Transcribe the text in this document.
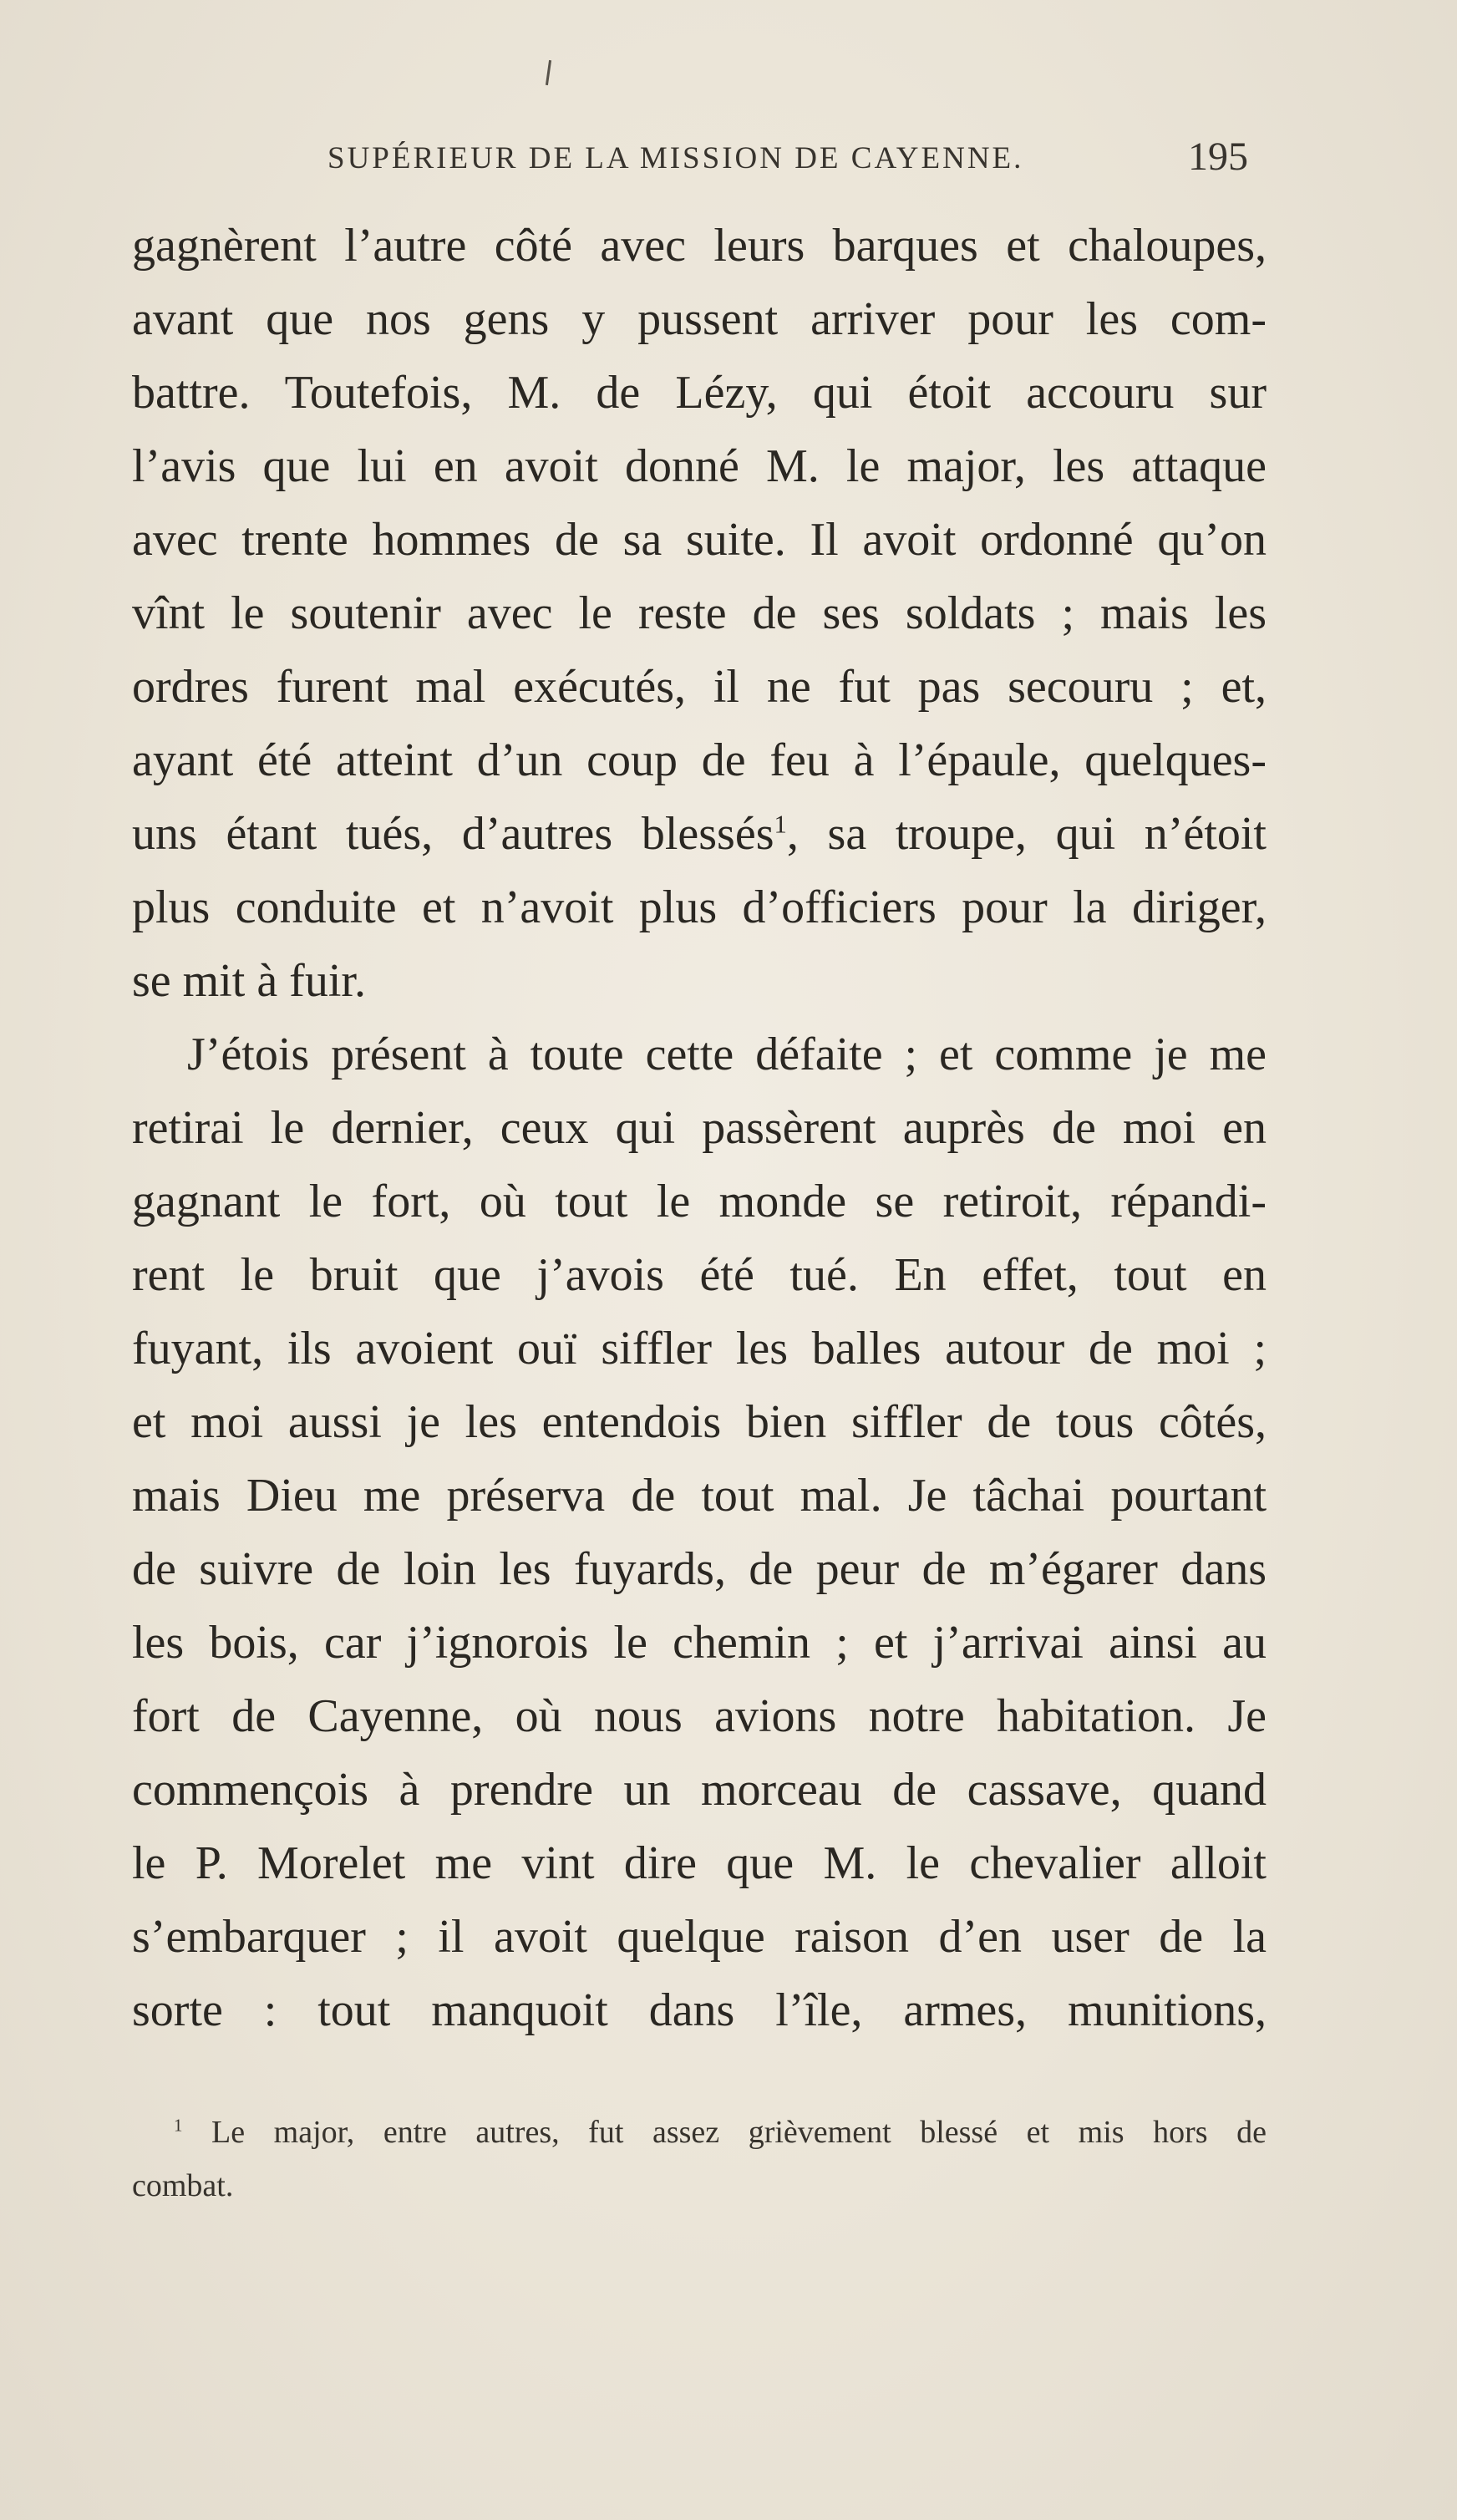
SUPÉRIEUR DE LA MISSION DE CAYENNE.	195
gagnèrent l’autre côté avec leurs barques et chaloupes,
avant que nos gens y pussent arriver pour les com-
battre. Toutefois, M. de Lézy, qui étoit accouru sur
l’avis que lui en avoit donné M. le major, les attaque
avec trente hommes de sa suite. Il avoit ordonné qu’on
vînt le soutenir avec le reste de ses soldats ; mais les
ordres furent mal exécutés, il ne fut pas secouru ; et,
ayant été atteint d’un coup de feu à l’épaule, quelques-
uns étant tués, d’autres blessés$^1$, sa troupe, qui n’étoit
plus conduite et n’avoit plus d’officiers pour la diriger,
se mit à fuir.
J’étois présent à toute cette défaite ; et comme je me
retirai le dernier, ceux qui passèrent auprès de moi en
gagnant le fort, où tout le monde se retiroit, répandi-
rent le bruit que j’avois été tué. En effet, tout en
fuyant, ils avoient ouï siffler les balles autour de moi ;
et moi aussi je les entendois bien siffler de tous côtés,
mais Dieu me préserva de tout mal. Je tâchai pourtant
de suivre de loin les fuyards, de peur de m’égarer dans
les bois, car j’ignorois le chemin ; et j’arrivai ainsi au
fort de Cayenne, où nous avions notre habitation. Je
commençois à prendre un morceau de cassave, quand
le P. Morelet me vint dire que M. le chevalier alloit
s’embarquer ; il avoit quelque raison d’en user de la
sorte : tout manquoit dans l’île, armes, munitions,
$^1$ Le major, entre autres, fut assez grièvement blessé et mis hors de
combat.
